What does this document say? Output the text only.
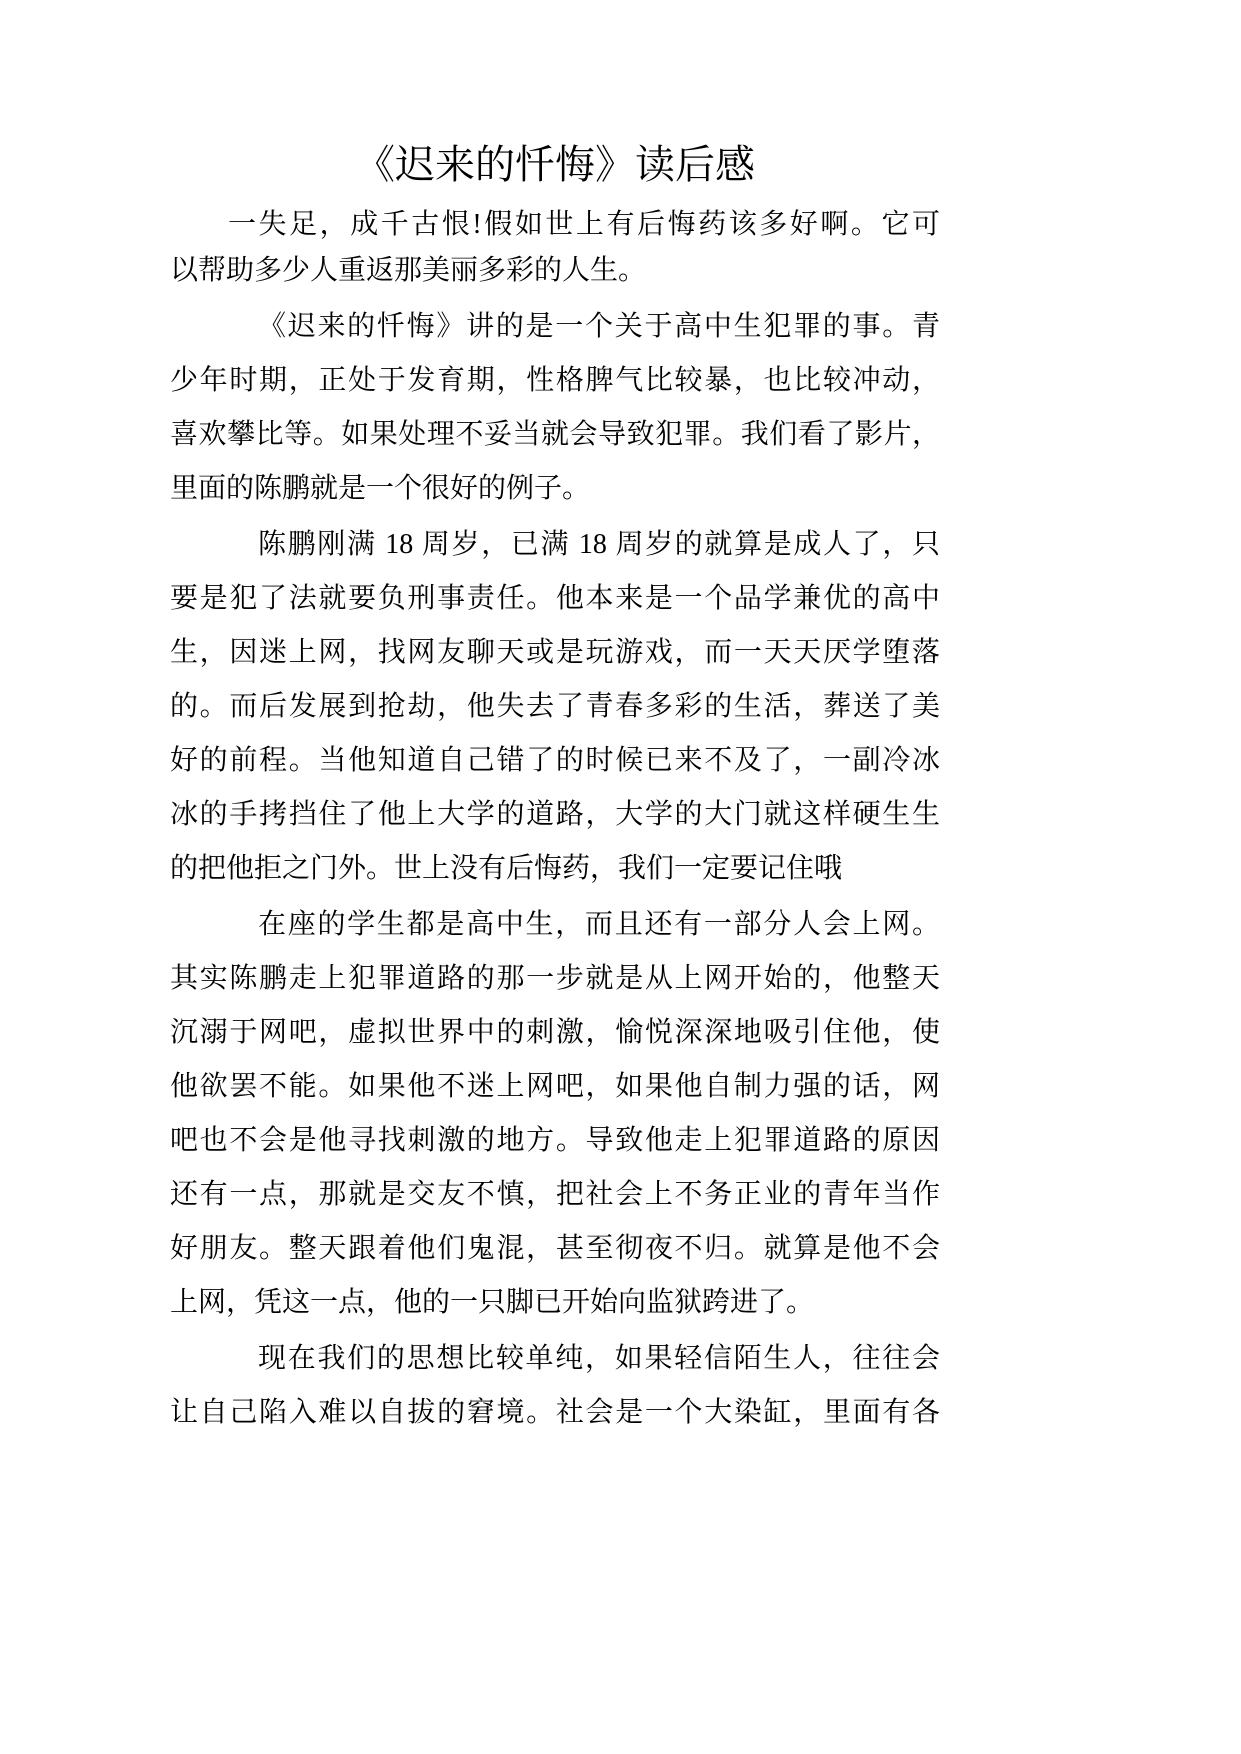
《迟来的忏悔》读后感
一失足，成千古恨!假如世上有后悔药该多好啊。它可
以帮助多少人重返那美丽多彩的人生。
《迟来的忏悔》讲的是一个关于高中生犯罪的事。青
少年时期，正处于发育期，性格脾气比较暴，也比较冲动，
喜欢攀比等。如果处理不妥当就会导致犯罪。我们看了影片，
里面的陈鹏就是一个很好的例子。
陈鹏刚满 18 周岁，已满 18 周岁的就算是成人了，只
要是犯了法就要负刑事责任。他本来是一个品学兼优的高中
生，因迷上网，找网友聊天或是玩游戏，而一天天厌学堕落
的。而后发展到抢劫，他失去了青春多彩的生活，葬送了美
好的前程。当他知道自己错了的时候已来不及了，一副冷冰
冰的手拷挡住了他上大学的道路，大学的大门就这样硬生生
的把他拒之门外。世上没有后悔药，我们一定要记住哦
在座的学生都是高中生，而且还有一部分人会上网。
其实陈鹏走上犯罪道路的那一步就是从上网开始的，他整天
沉溺于网吧，虚拟世界中的刺激，愉悦深深地吸引住他，使
他欲罢不能。如果他不迷上网吧，如果他自制力强的话，网
吧也不会是他寻找刺激的地方。导致他走上犯罪道路的原因
还有一点，那就是交友不慎，把社会上不务正业的青年当作
好朋友。整天跟着他们鬼混，甚至彻夜不归。就算是他不会
上网，凭这一点，他的一只脚已开始向监狱跨进了。
现在我们的思想比较单纯，如果轻信陌生人，往往会
让自己陷入难以自拔的窘境。社会是一个大染缸，里面有各
